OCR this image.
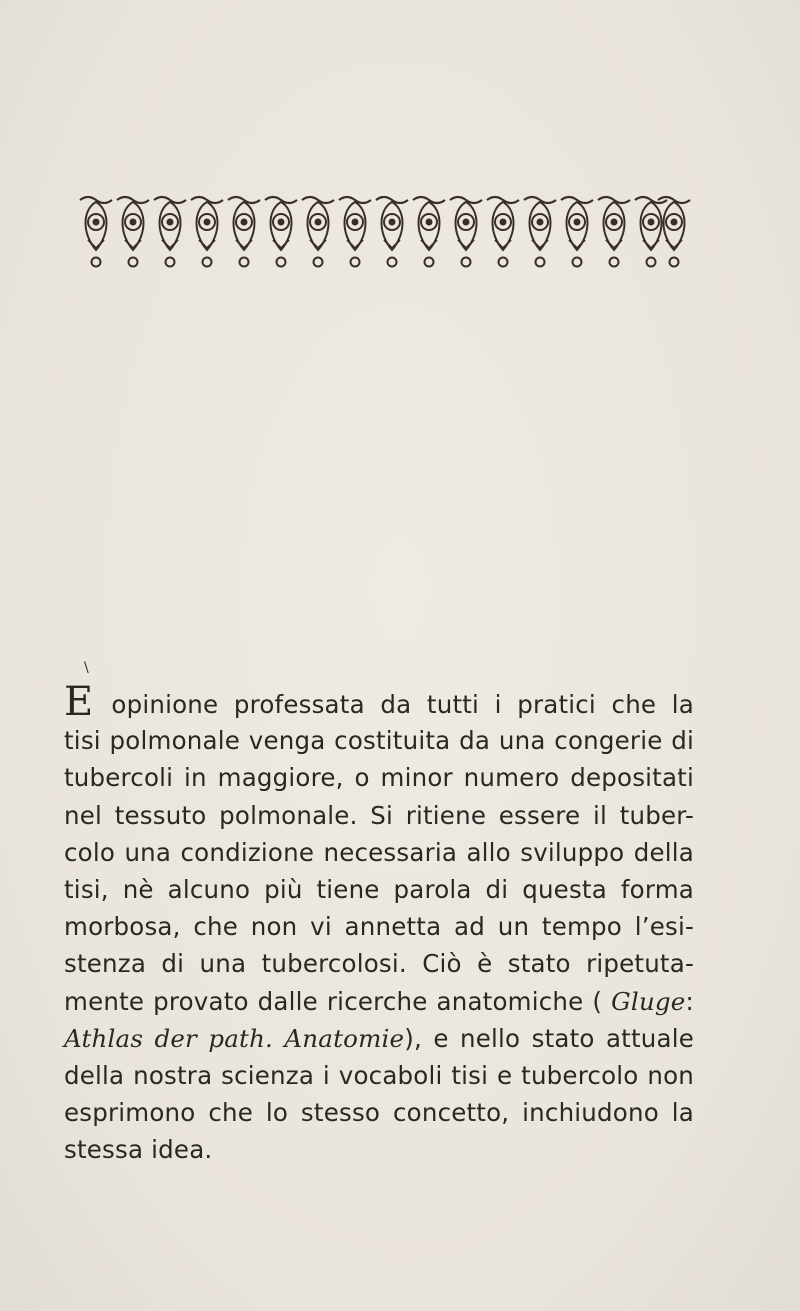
\
Eopinione professata da tutti i pratici che la
tisi polmonale venga costituita da una congerie di
tubercoli in maggiore, o minor numero depositati
nel tessuto polmonale. Si ritiene essere il tuber-
colo una condizione necessaria allo sviluppo della
tisi, nè alcuno più tiene parola di questa forma
morbosa, che non vi annetta ad un tempo l’esi-
stenza di una tubercolosi. Ciò è stato ripetuta-
mente provato dalle ricerche anatomiche ( Gluge:
Athlas der path. Anatomie), e nello stato attuale
della nostra scienza i vocaboli tisi e tubercolo non
esprimono che lo stesso concetto, inchiudono la
stessa idea.
